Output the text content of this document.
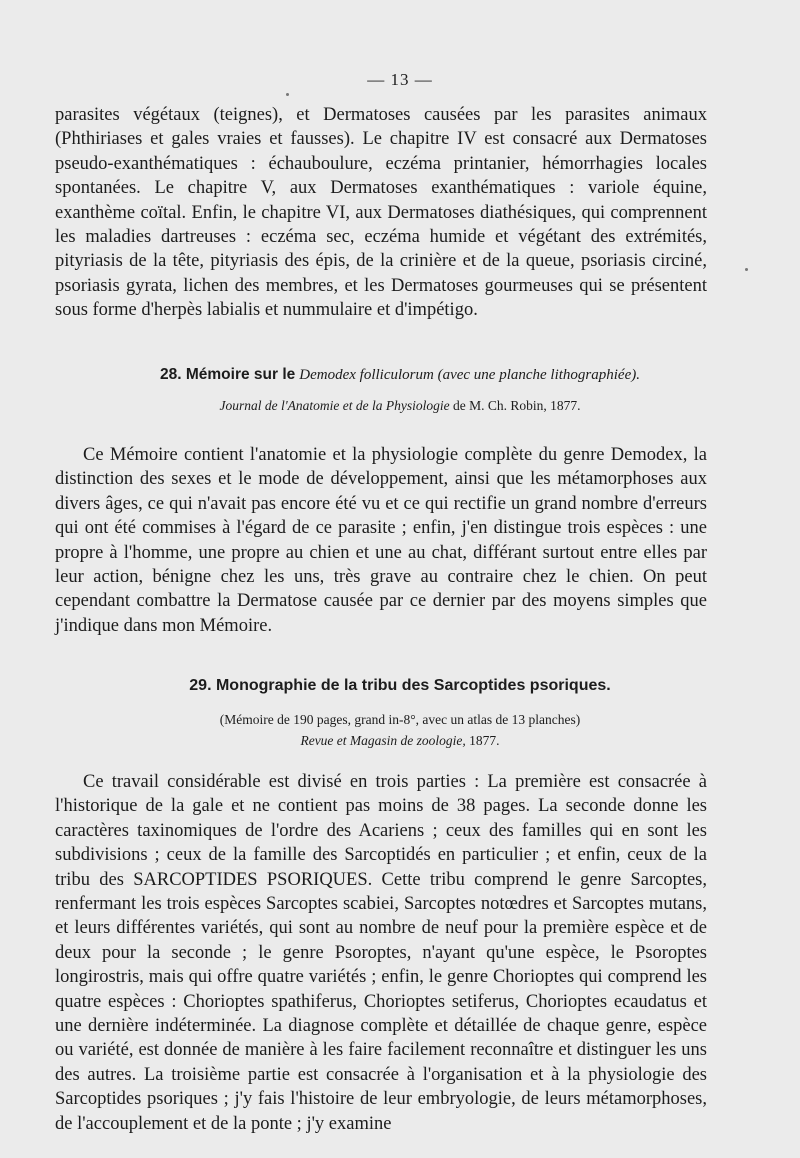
— 13 —

parasites végétaux (teignes), et Dermatoses causées par les parasites animaux (Phthiriases et gales vraies et fausses). Le chapitre IV est consacré aux Dermatoses pseudo-exanthématiques : échauboulure, eczéma printanier, hémorrhagies locales spontanées. Le chapitre V, aux Dermatoses exanthématiques : variole équine, exanthème coïtal. Enfin, le chapitre VI, aux Dermatoses diathésiques, qui comprennent les maladies dartreuses : eczéma sec, eczéma humide et végétant des extrémités, pityriasis de la tête, pityriasis des épis, de la crinière et de la queue, psoriasis circiné, psoriasis gyrata, lichen des membres, et les Dermatoses gourmeuses qui se présentent sous forme d'herpès labialis et nummulaire et d'impétigo.

28. Mémoire sur le Demodex folliculorum (avec une planche lithographiée).
Journal de l'Anatomie et de la Physiologie de M. Ch. Robin, 1877.

Ce Mémoire contient l'anatomie et la physiologie complète du genre Demodex, la distinction des sexes et le mode de développement, ainsi que les métamorphoses aux divers âges, ce qui n'avait pas encore été vu et ce qui rectifie un grand nombre d'erreurs qui ont été commises à l'égard de ce parasite ; enfin, j'en distingue trois espèces : une propre à l'homme, une propre au chien et une au chat, différant surtout entre elles par leur action, bénigne chez les uns, très grave au contraire chez le chien. On peut cependant combattre la Dermatose causée par ce dernier par des moyens simples que j'indique dans mon Mémoire.

29. Monographie de la tribu des Sarcoptides psoriques.
(Mémoire de 190 pages, grand in-8°, avec un atlas de 13 planches)
Revue et Magasin de zoologie, 1877.

Ce travail considérable est divisé en trois parties : La première est consacrée à l'historique de la gale et ne contient pas moins de 38 pages. La seconde donne les caractères taxinomiques de l'ordre des Acariens ; ceux des familles qui en sont les subdivisions ; ceux de la famille des Sarcoptidés en particulier ; et enfin, ceux de la tribu des SARCOPTIDES PSORIQUES. Cette tribu comprend le genre Sarcoptes, renfermant les trois espèces Sarcoptes scabiei, Sarcoptes notœdres et Sarcoptes mutans, et leurs différentes variétés, qui sont au nombre de neuf pour la première espèce et de deux pour la seconde ; le genre Psoroptes, n'ayant qu'une espèce, le Psoroptes longirostris, mais qui offre quatre variétés ; enfin, le genre Chorioptes qui comprend les quatre espèces : Chorioptes spathiferus, Chorioptes setiferus, Chorioptes ecaudatus et une dernière indéterminée. La diagnose complète et détaillée de chaque genre, espèce ou variété, est donnée de manière à les faire facilement reconnaître et distinguer les uns des autres. La troisième partie est consacrée à l'organisation et à la physiologie des Sarcoptides psoriques ; j'y fais l'histoire de leur embryologie, de leurs métamorphoses, de l'accouplement et de la ponte ; j'y examine
